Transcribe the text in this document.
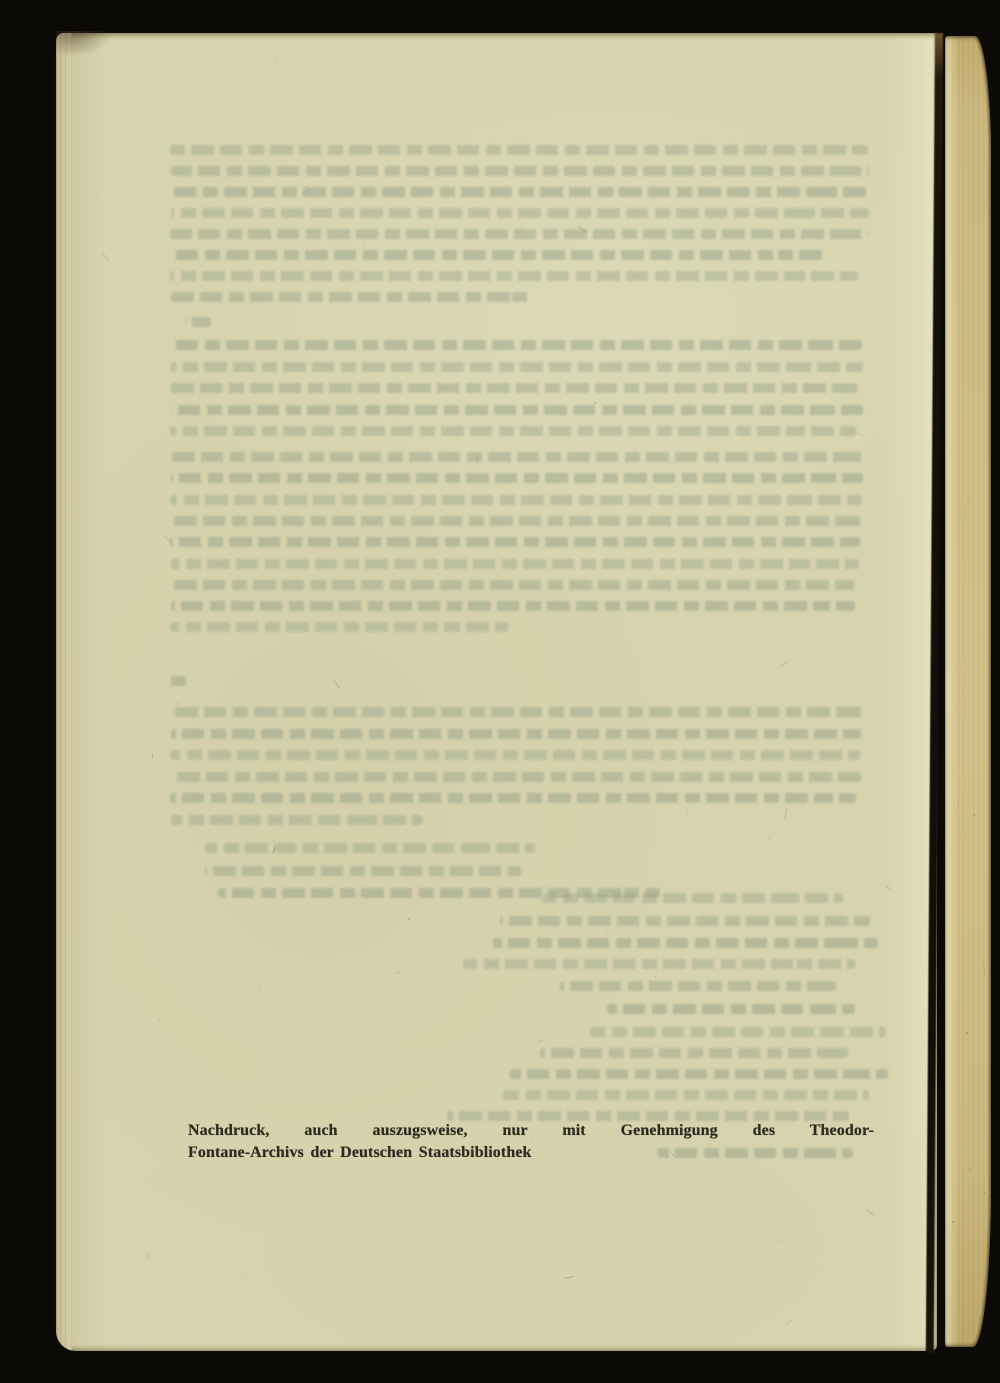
Nachdruck, auch auszugsweise, nur mit Genehmigung des Theodor-
Fontane-Archivs der Deutschen Staatsbibliothek
